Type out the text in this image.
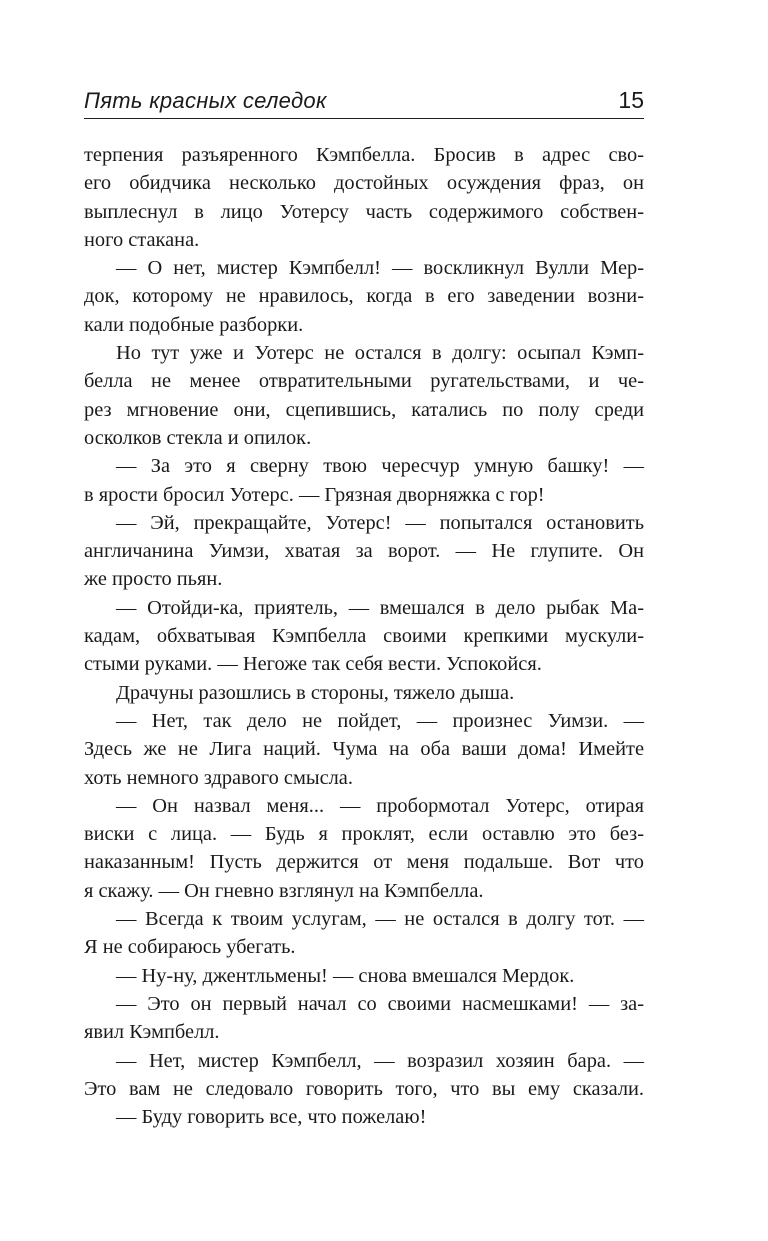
Пять красных селедок	15
терпения разъяренного Кэмпбелла. Бросив в адрес сво-
его обидчика несколько достойных осуждения фраз, он
выплеснул в лицо Уотерсу часть содержимого собствен-
ного стакана.
— О нет, мистер Кэмпбелл! — воскликнул Вулли Мер-
док, которому не нравилось, когда в его заведении возни-
кали подобные разборки.
Но тут уже и Уотерс не остался в долгу: осыпал Кэмп-
белла не менее отвратительными ругательствами, и че-
рез мгновение они, сцепившись, катались по полу среди
осколков стекла и опилок.
— За это я сверну твою чересчур умную башку! —
в ярости бросил Уотерс. — Грязная дворняжка с гор!
— Эй, прекращайте, Уотерс! — попытался остановить
англичанина Уимзи, хватая за ворот. — Не глупите. Он
же просто пьян.
— Отойди-ка, приятель, — вмешался в дело рыбак Ма-
кадам, обхватывая Кэмпбелла своими крепкими мускули-
стыми руками. — Негоже так себя вести. Успокойся.
Драчуны разошлись в стороны, тяжело дыша.
— Нет, так дело не пойдет, — произнес Уимзи. —
Здесь же не Лига наций. Чума на оба ваши дома! Имейте
хоть немного здравого смысла.
— Он назвал меня... — пробормотал Уотерс, отирая
виски с лица. — Будь я проклят, если оставлю это без-
наказанным! Пусть держится от меня подальше. Вот что
я скажу. — Он гневно взглянул на Кэмпбелла.
— Всегда к твоим услугам, — не остался в долгу тот. —
Я не собираюсь убегать.
— Ну-ну, джентльмены! — снова вмешался Мердок.
— Это он первый начал со своими насмешками! — за-
явил Кэмпбелл.
— Нет, мистер Кэмпбелл, — возразил хозяин бара. —
Это вам не следовало говорить того, что вы ему сказали.
— Буду говорить все, что пожелаю!
